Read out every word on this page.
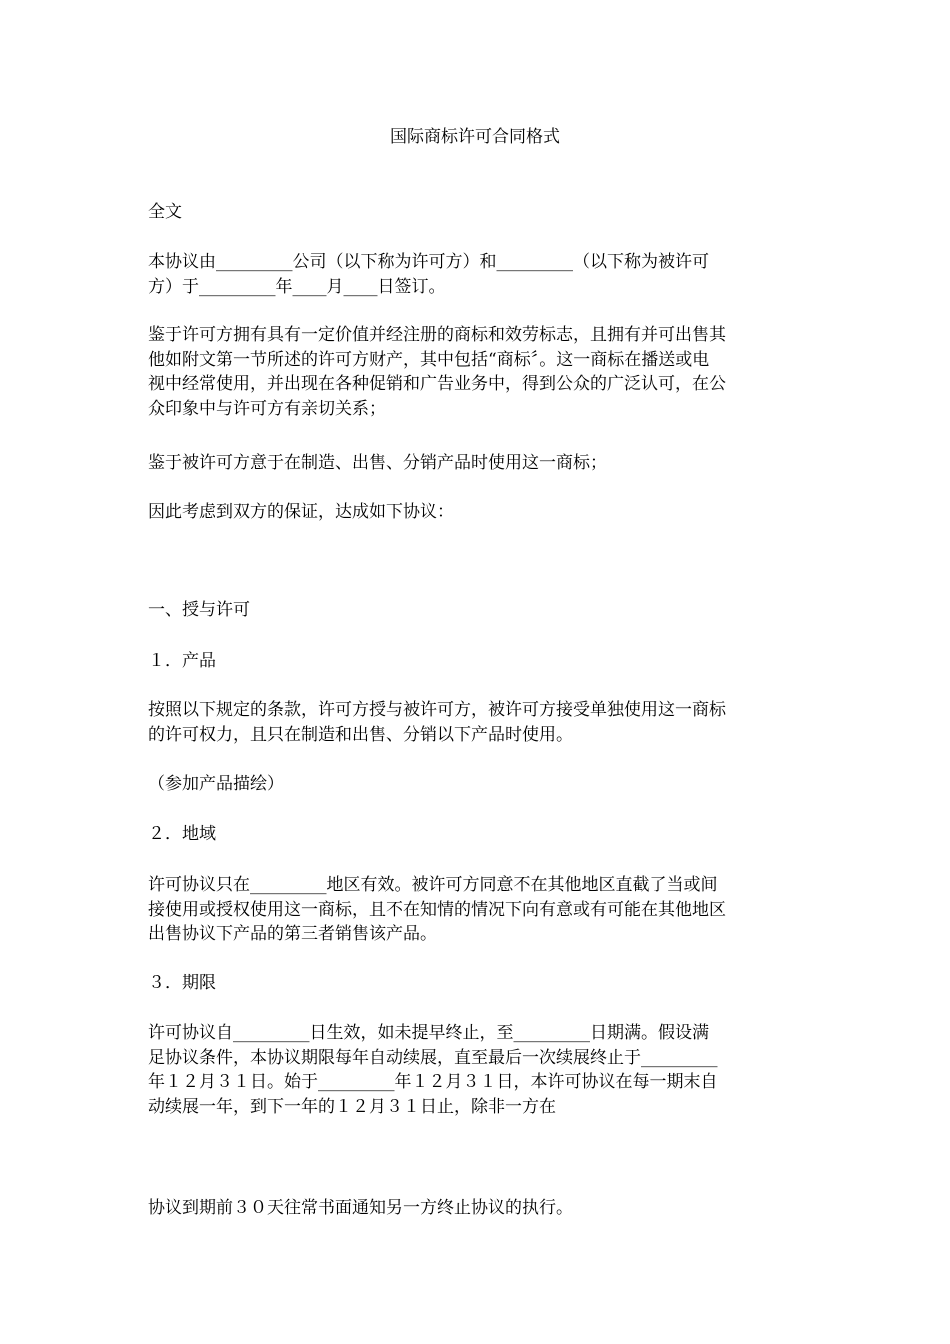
国际商标许可合同格式
全文
本协议由_________公司（以下称为许可方）和_________（以下称为被许可
方）于_________年____月____日签订。
鉴于许可方拥有具有一定价值并经注册的商标和效劳标志，且拥有并可出售其
他如附文第一节所述的许可方财产，其中包括“商标〞。这一商标在播送或电
视中经常使用，并出现在各种促销和广告业务中，得到公众的广泛认可，在公
众印象中与许可方有亲切关系；
鉴于被许可方意于在制造、出售、分销产品时使用这一商标；
因此考虑到双方的保证，达成如下协议：
一、授与许可
１．产品
按照以下规定的条款，许可方授与被许可方，被许可方接受单独使用这一商标
的许可权力，且只在制造和出售、分销以下产品时使用。
（参加产品描绘）
２．地域
许可协议只在_________地区有效。被许可方同意不在其他地区直截了当或间
接使用或授权使用这一商标，且不在知情的情况下向有意或有可能在其他地区
出售协议下产品的第三者销售该产品。
３．期限
许可协议自_________日生效，如未提早终止，至_________日期满。假设满
足协议条件，本协议期限每年自动续展，直至最后一次续展终止于_________
年１２月３１日。始于_________年１２月３１日，本许可协议在每一期末自
动续展一年，到下一年的１２月３１日止，除非一方在
协议到期前３０天往常书面通知另一方终止协议的执行。
